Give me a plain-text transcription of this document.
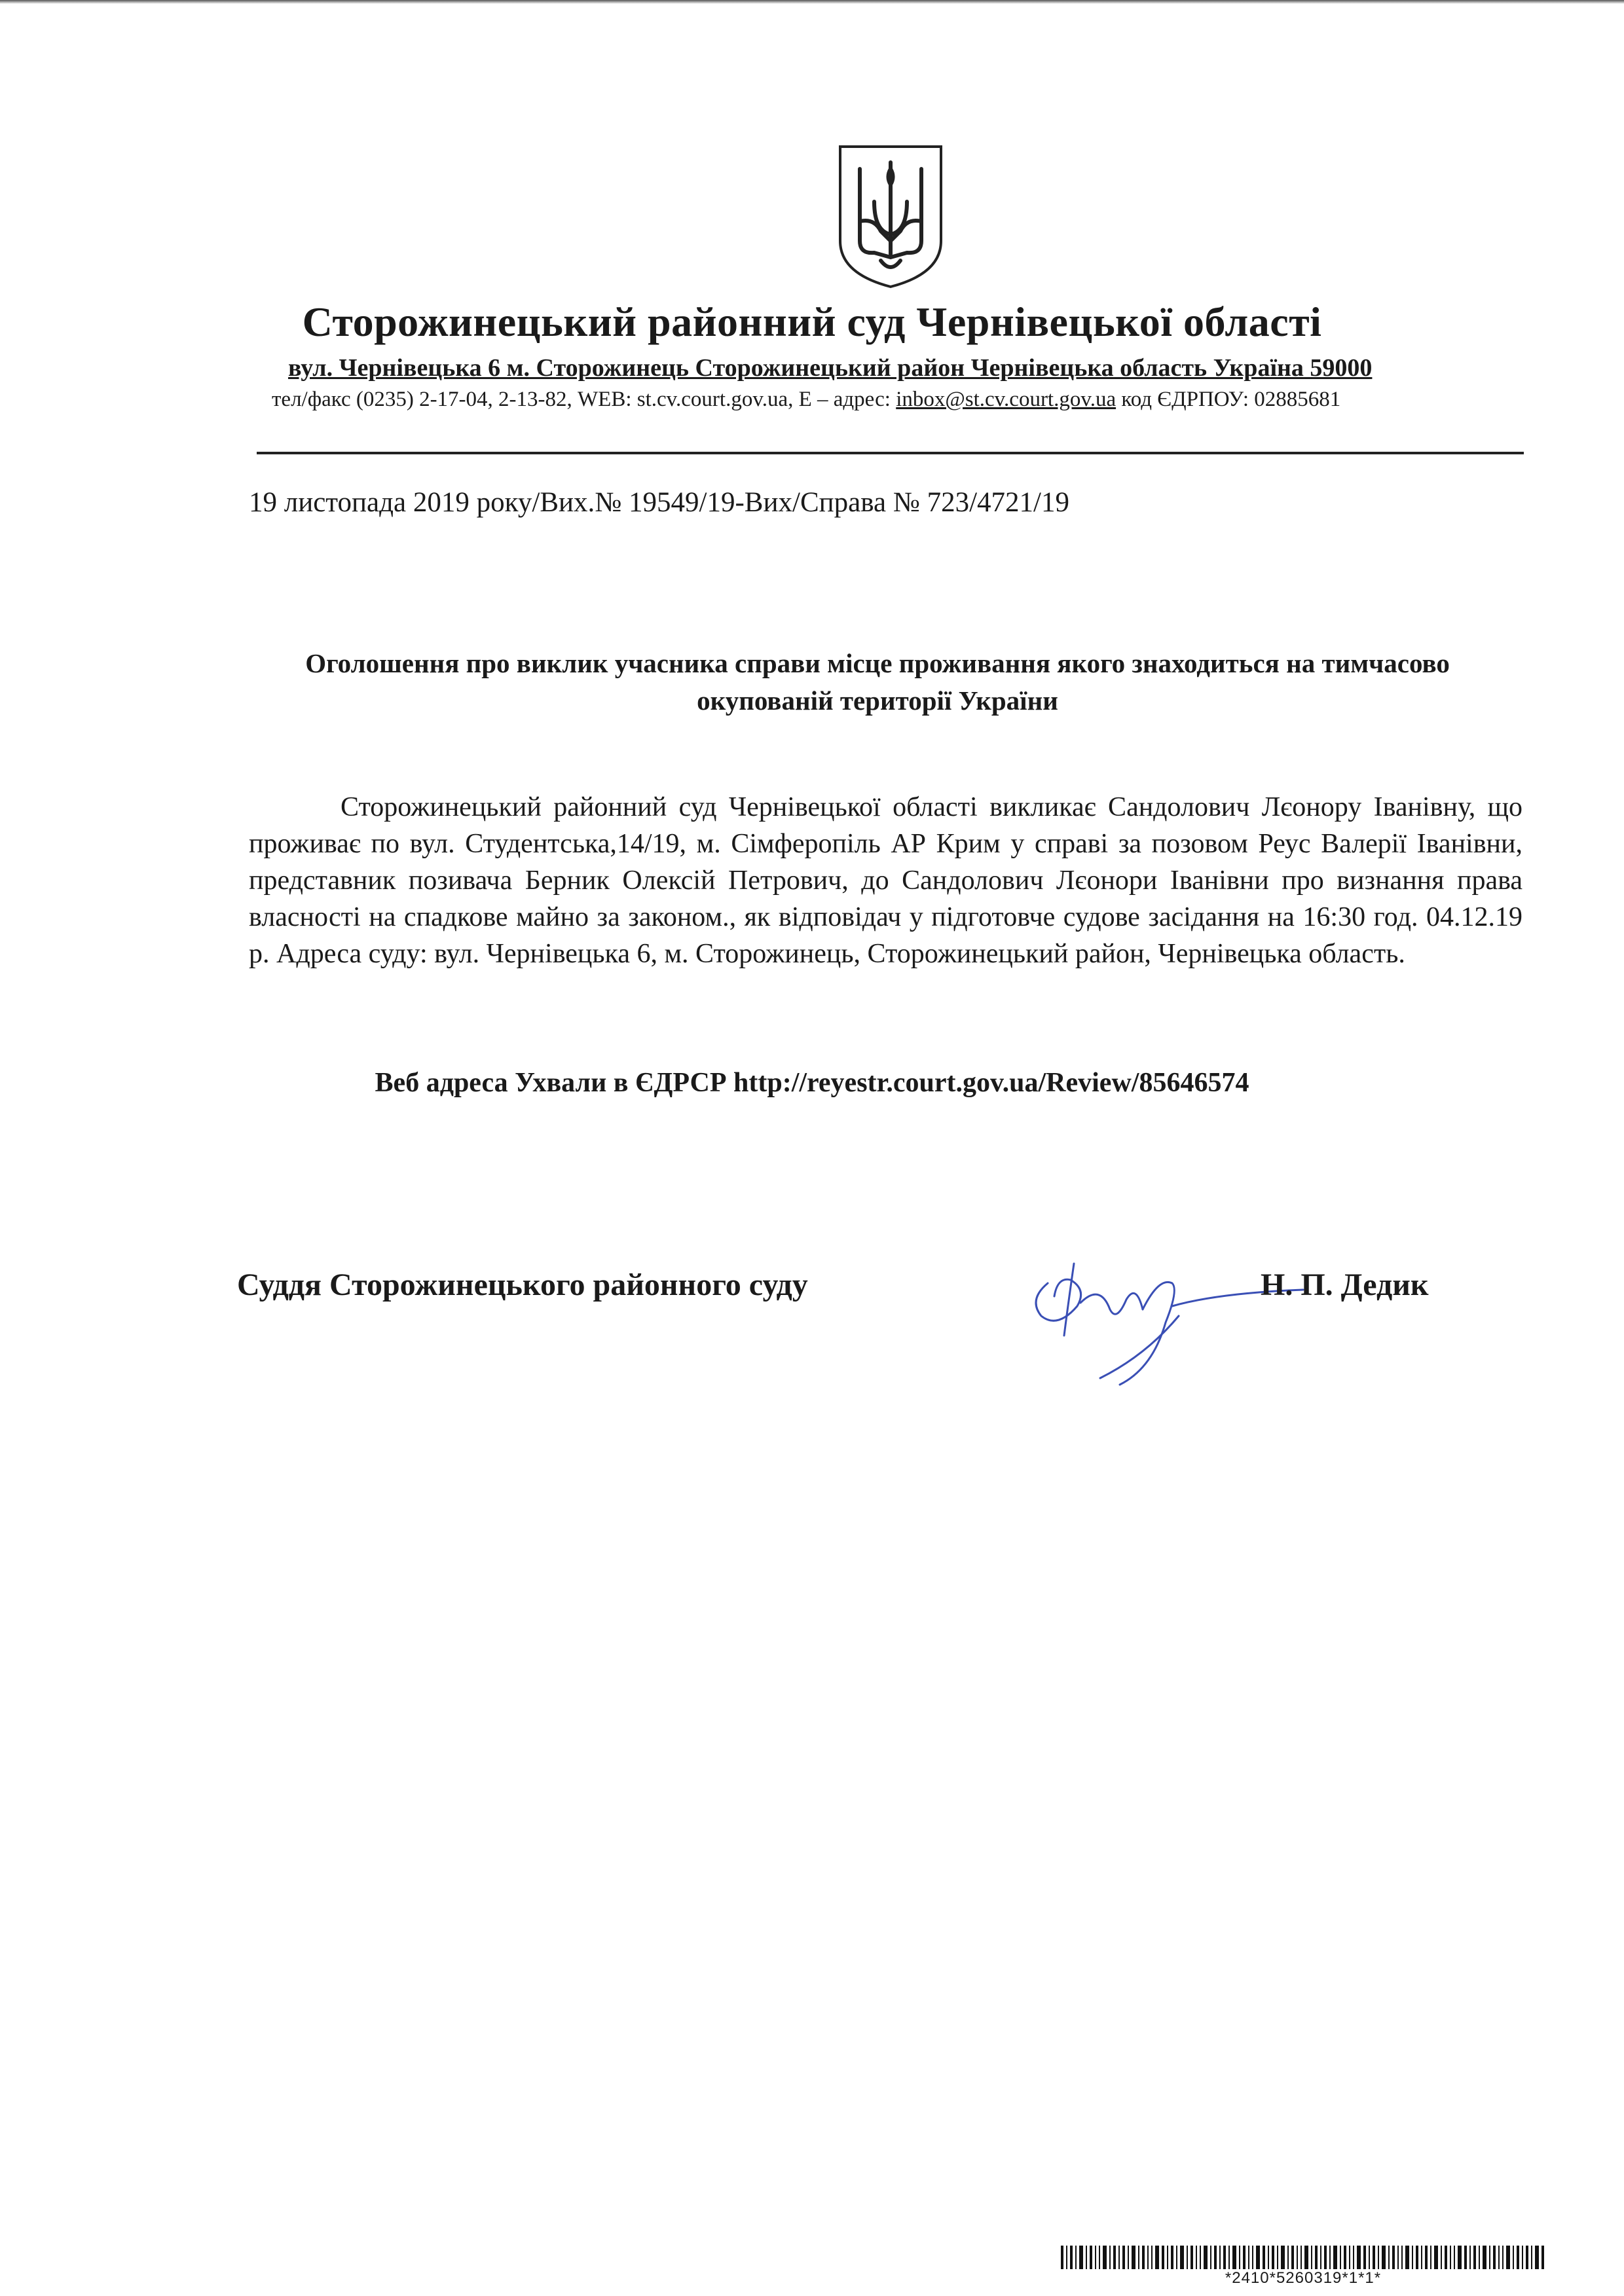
Сторожинецький районний суд Чернівецької області
вул. Чернівецька 6 м. Сторожинець Сторожинецький район Чернівецька область Україна 59000
тел/факс (0235) 2-17-04, 2-13-82, WEB: st.cv.court.gov.ua, Е – адрес: inbox@st.cv.court.gov.ua код ЄДРПОУ: 02885681
19 листопада 2019 року/Вих.№ 19549/19-Вих/Справа № 723/4721/19
Оголошення про виклик учасника справи місце проживання якого знаходиться на тимчасово окупованій території України
Сторожинецький районний суд Чернівецької області викликає Сандолович Лєонору Іванівну, що проживає по вул. Студентська,14/19, м. Сімферопіль АР Крим у справі за позовом Реус Валерії Іванівни, представник позивача Берник Олексій Петрович, до Сандолович Лєонори Іванівни про визнання права власності на спадкове майно за законом., як відповідач у підготовче судове засідання на 16:30 год. 04.12.19 р. Адреса суду: вул. Чернівецька 6, м. Сторожинець, Сторожинецький район, Чернівецька область.
Веб адреса Ухвали в ЄДРСР http://reyestr.court.gov.ua/Review/85646574
Суддя Сторожинецького районного суду	Н. П. Дедик
*2410*5260319*1*1*
